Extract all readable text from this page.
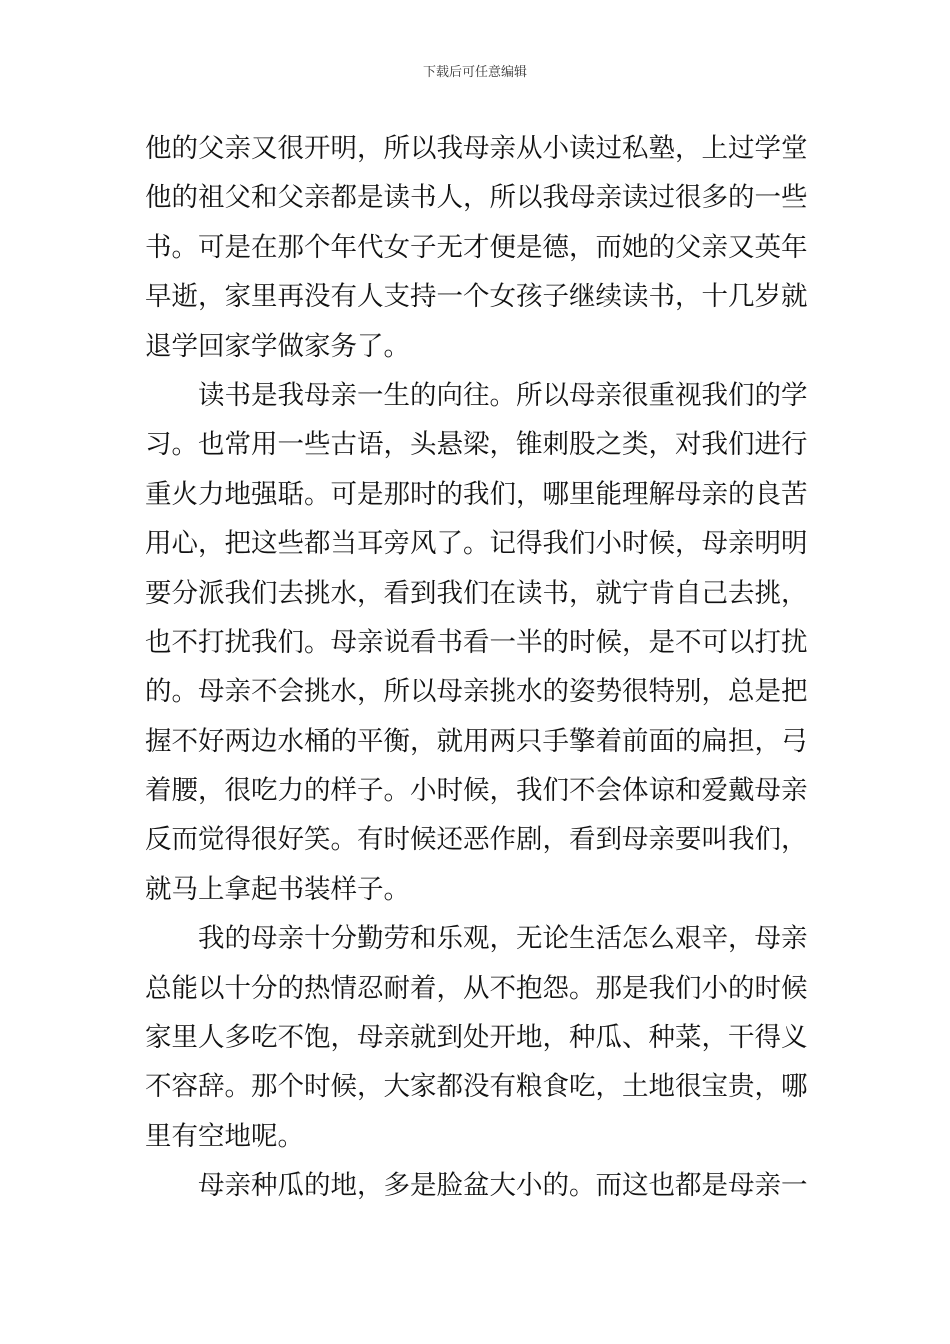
下载后可任意编辑
他的父亲又很开明，所以我母亲从小读过私塾，上过学堂
他的祖父和父亲都是读书人，所以我母亲读过很多的一些
书。可是在那个年代女子无才便是德，而她的父亲又英年
早逝，家里再没有人支持一个女孩子继续读书，十几岁就
退学回家学做家务了。
读书是我母亲一生的向往。所以母亲很重视我们的学
习。也常用一些古语，头悬梁，锥刺股之类，对我们进行
重火力地强聒。可是那时的我们，哪里能理解母亲的良苦
用心，把这些都当耳旁风了。记得我们小时候，母亲明明
要分派我们去挑水，看到我们在读书，就宁肯自己去挑，
也不打扰我们。母亲说看书看一半的时候，是不可以打扰
的。母亲不会挑水，所以母亲挑水的姿势很特别，总是把
握不好两边水桶的平衡，就用两只手擎着前面的扁担，弓
着腰，很吃力的样子。小时候，我们不会体谅和爱戴母亲
反而觉得很好笑。有时候还恶作剧，看到母亲要叫我们，
就马上拿起书装样子。
我的母亲十分勤劳和乐观，无论生活怎么艰辛，母亲
总能以十分的热情忍耐着，从不抱怨。那是我们小的时候
家里人多吃不饱，母亲就到处开地，种瓜、种菜，干得义
不容辞。那个时候，大家都没有粮食吃，土地很宝贵，哪
里有空地呢。
母亲种瓜的地，多是脸盆大小的。而这也都是母亲一
